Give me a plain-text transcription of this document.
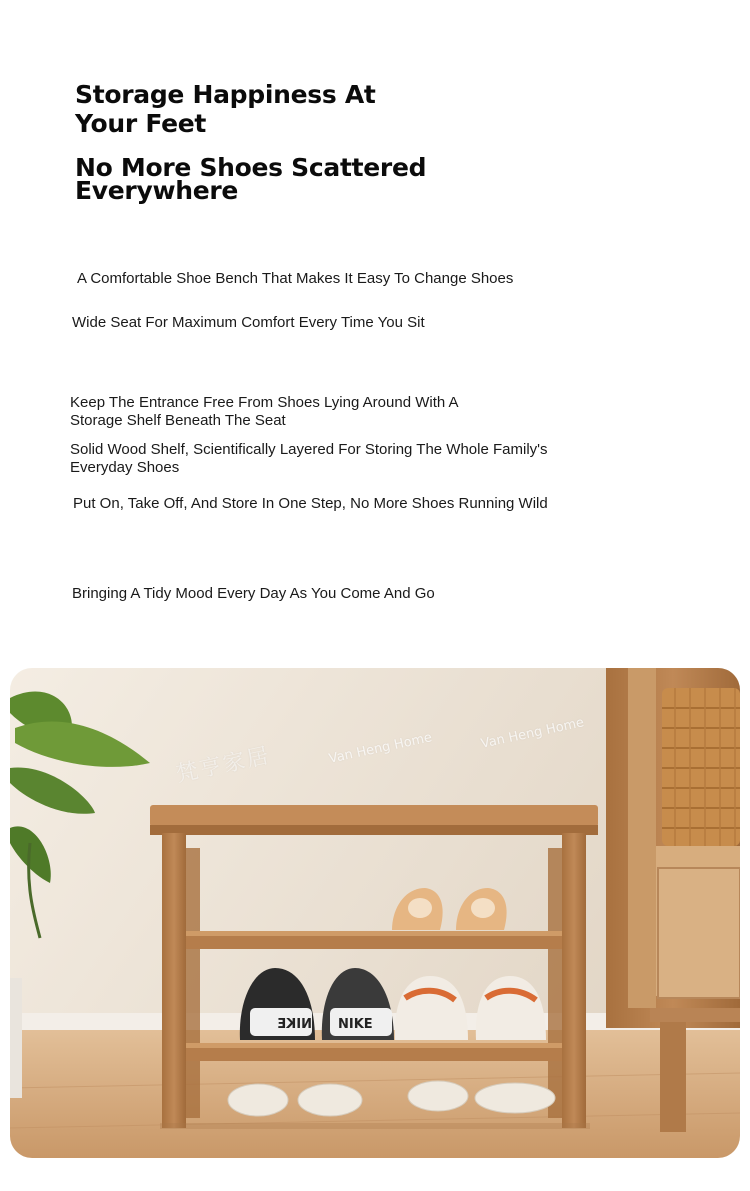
Storage Happiness At Your Feet
No More Shoes Scattered Everywhere
A Comfortable Shoe Bench That Makes It Easy To Change Shoes
Wide Seat For Maximum Comfort Every Time You Sit
Keep The Entrance Free From Shoes Lying Around With A Storage Shelf Beneath The Seat
Solid Wood Shelf, Scientifically Layered For Storing The Whole Family's Everyday Shoes
Put On, Take Off, And Store In One Step, No More Shoes Running Wild
Bringing A Tidy Mood Every Day As You Come And Go
NIKE NIKE
梵亨家居	Van Heng Home	Van Heng Home
